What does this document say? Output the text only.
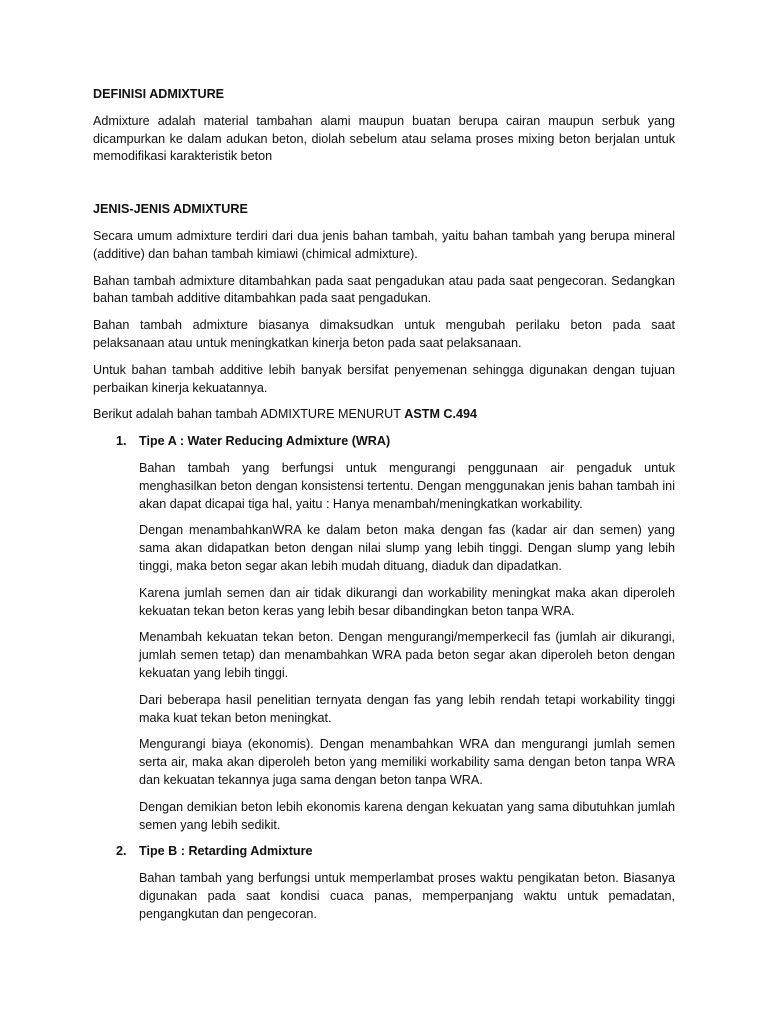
DEFINISI ADMIXTURE
Admixture adalah material tambahan alami maupun buatan berupa cairan maupun serbuk yang dicampurkan ke dalam adukan beton, diolah sebelum atau selama proses mixing beton berjalan untuk memodifikasi karakteristik beton
JENIS-JENIS ADMIXTURE
Secara umum admixture terdiri dari dua jenis bahan tambah, yaitu bahan tambah yang berupa mineral (additive) dan bahan tambah kimiawi (chimical admixture).
Bahan tambah admixture ditambahkan pada saat pengadukan atau pada saat pengecoran. Sedangkan bahan tambah additive ditambahkan pada saat pengadukan.
Bahan tambah admixture biasanya dimaksudkan untuk mengubah perilaku beton pada saat pelaksanaan atau untuk meningkatkan kinerja beton pada saat pelaksanaan.
Untuk bahan tambah additive lebih banyak bersifat penyemenan sehingga digunakan dengan tujuan perbaikan kinerja kekuatannya.
Berikut adalah bahan tambah ADMIXTURE MENURUT ASTM C.494
1. Tipe A : Water Reducing Admixture (WRA)
Bahan tambah yang berfungsi untuk mengurangi penggunaan air pengaduk untuk menghasilkan beton dengan konsistensi tertentu. Dengan menggunakan jenis bahan tambah ini akan dapat dicapai tiga hal, yaitu : Hanya menambah/meningkatkan workability.
Dengan menambahkanWRA ke dalam beton maka dengan fas (kadar air dan semen) yang sama akan didapatkan beton dengan nilai slump yang lebih tinggi. Dengan slump yang lebih tinggi, maka beton segar akan lebih mudah dituang, diaduk dan dipadatkan.
Karena jumlah semen dan air tidak dikurangi dan workability meningkat maka akan diperoleh kekuatan tekan beton keras yang lebih besar dibandingkan beton tanpa WRA.
Menambah kekuatan tekan beton. Dengan mengurangi/memperkecil fas (jumlah air dikurangi, jumlah semen tetap) dan menambahkan WRA pada beton segar akan diperoleh beton dengan kekuatan yang lebih tinggi.
Dari beberapa hasil penelitian ternyata dengan fas yang lebih rendah tetapi workability tinggi maka kuat tekan beton meningkat.
Mengurangi biaya (ekonomis). Dengan menambahkan WRA dan mengurangi jumlah semen serta air, maka akan diperoleh beton yang memiliki workability sama dengan beton tanpa WRA dan kekuatan tekannya juga sama dengan beton tanpa WRA.
Dengan demikian beton lebih ekonomis karena dengan kekuatan yang sama dibutuhkan jumlah semen yang lebih sedikit.
2. Tipe B : Retarding Admixture
Bahan tambah yang berfungsi untuk memperlambat proses waktu pengikatan beton. Biasanya digunakan pada saat kondisi cuaca panas, memperpanjang waktu untuk pemadatan, pengangkutan dan pengecoran.
